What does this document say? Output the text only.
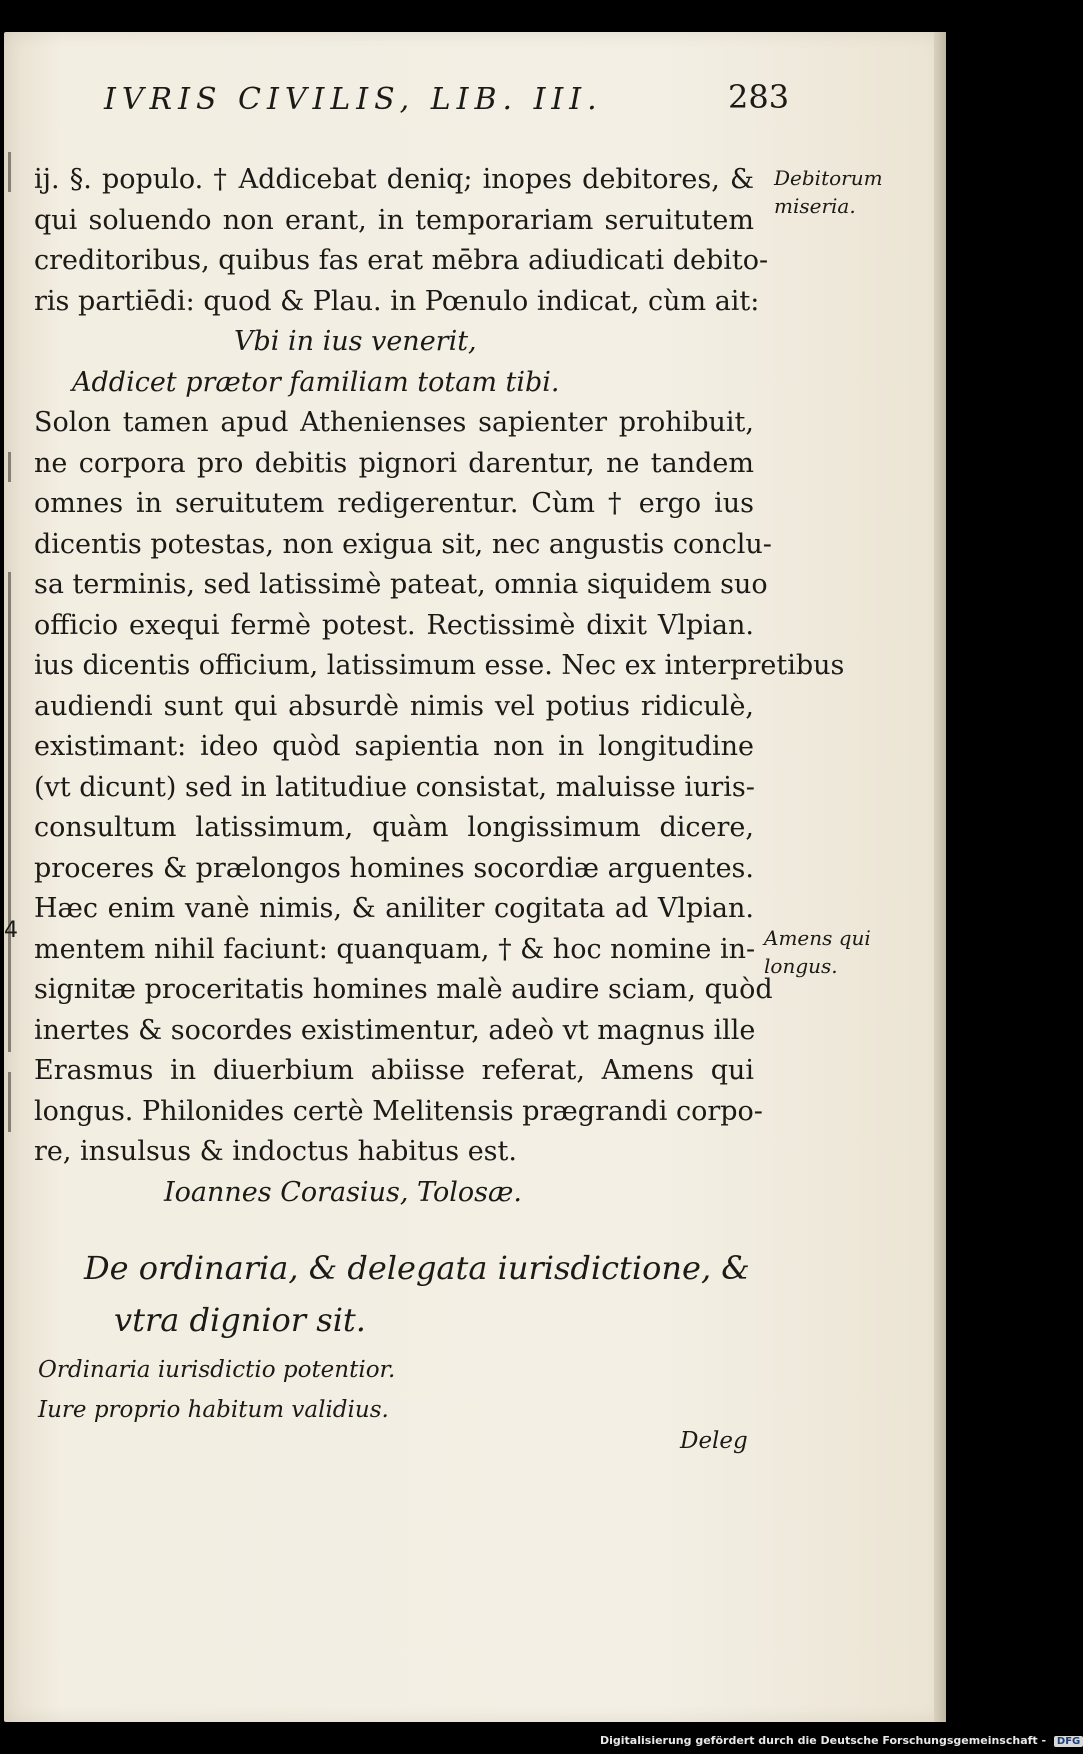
IVRIS CIVILIS, LIB. III.	283
ij. §. populo. † Addicebat deniq; inopes debitores, &
qui soluendo non erant, in temporariam seruitutem
creditoribus, quibus fas erat mēbra adiudicati debito-
ris partiēdi: quod & Plau. in Pœnulo indicat, cùm ait:
Vbi in ius venerit,
Addicet prætor familiam totam tibi.
Solon tamen apud Athenienses sapienter prohibuit,
ne corpora pro debitis pignori darentur, ne tandem
omnes in seruitutem redigerentur. Cùm † ergo ius
dicentis potestas, non exigua sit, nec angustis conclu-
sa terminis, sed latissimè pateat, omnia siquidem suo
officio exequi fermè potest. Rectissimè dixit Vlpian.
ius dicentis officium, latissimum esse. Nec ex interpretibus
audiendi sunt qui absurdè nimis vel potius ridiculè,
existimant: ideo quòd sapientia non in longitudine
(vt dicunt) sed in latitudiue consistat, maluisse iuris-
consultum latissimum, quàm longissimum dicere,
proceres & prælongos homines socordiæ arguentes.
Hæc enim vanè nimis, & aniliter cogitata ad Vlpian.
mentem nihil faciunt: quanquam, † & hoc nomine in-
signitæ proceritatis homines malè audire sciam, quòd
inertes & socordes existimentur, adeò vt magnus ille
Erasmus in diuerbium abiisse referat, Amens qui
longus. Philonides certè Melitensis prægrandi corpo-
re, insulsus & indoctus habitus est.
Ioannes Corasius, Tolosæ.
4
Debitorum
miseria.
Amens qui
longus.
De ordinaria, & delegata iurisdictione, &
vtra dignior sit.
Ordinaria iurisdictio potentior.
Iure proprio habitum validius.
Deleg
Digitalisierung gefördert durch die Deutsche Forschungsgemeinschaft - DFG
